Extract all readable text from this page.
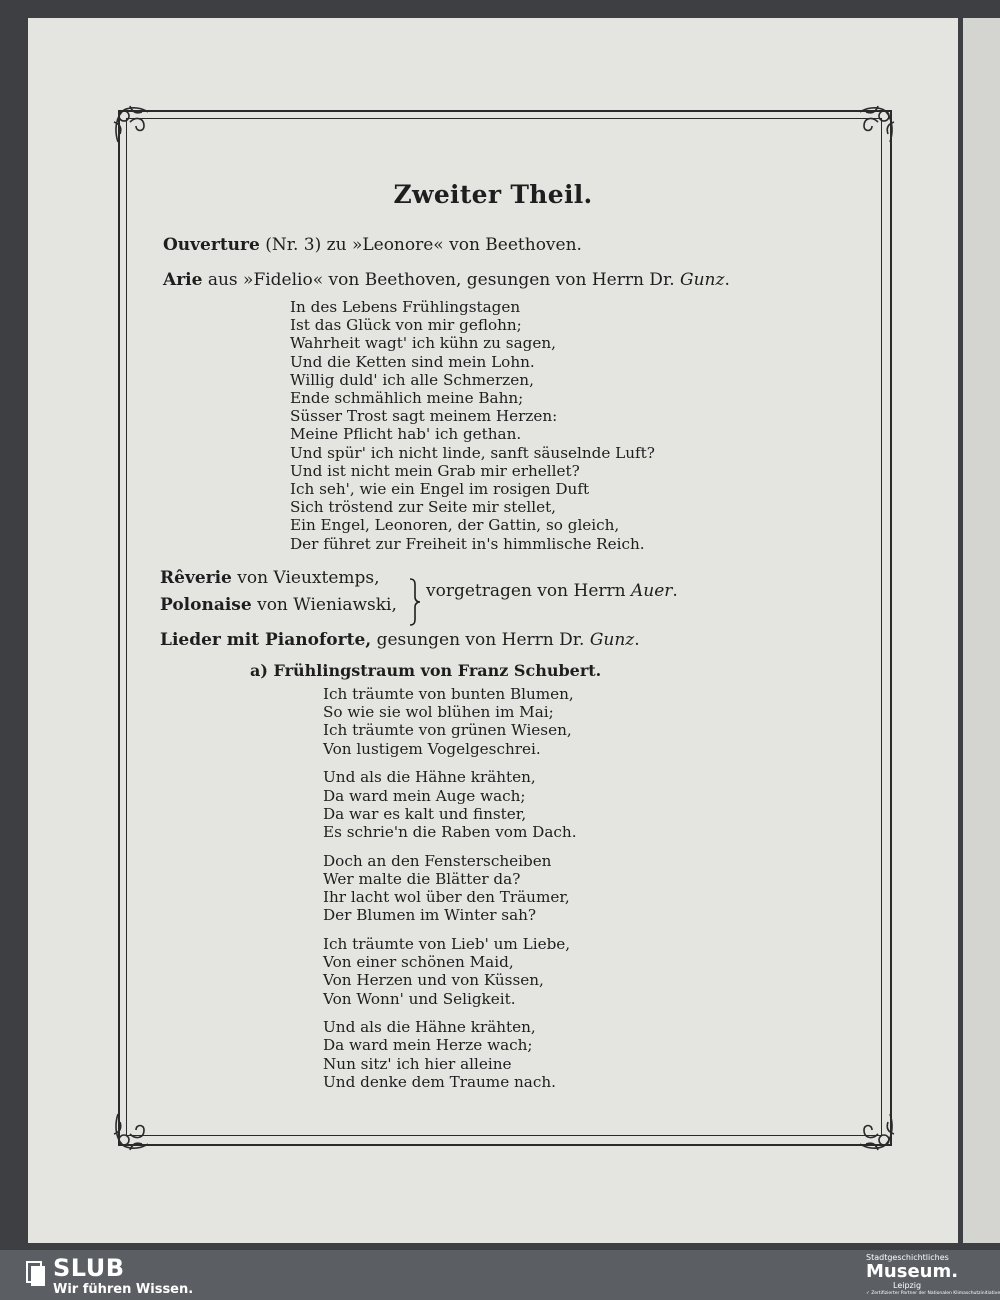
Zweiter Theil.
Ouverture (Nr. 3) zu »Leonore« von Beethoven.
Arie aus »Fidelio« von Beethoven, gesungen von Herrn Dr. Gunz.
In des Lebens Frühlingstagen
Ist das Glück von mir geflohn;
Wahrheit wagt' ich kühn zu sagen,
Und die Ketten sind mein Lohn.
Willig duld' ich alle Schmerzen,
Ende schmählich meine Bahn;
Süsser Trost sagt meinem Herzen:
Meine Pflicht hab' ich gethan.
Und spür' ich nicht linde, sanft säuselnde Luft?
Und ist nicht mein Grab mir erhellet?
Ich seh', wie ein Engel im rosigen Duft
Sich tröstend zur Seite mir stellet,
Ein Engel, Leonoren, der Gattin, so gleich,
Der führet zur Freiheit in's himmlische Reich.
Rêverie von Vieuxtemps,
Polonaise von Wieniawski,
vorgetragen von Herrn Auer.
Lieder mit Pianoforte, gesungen von Herrn Dr. Gunz.
a) Frühlingstraum von Franz Schubert.
Ich träumte von bunten Blumen,
So wie sie wol blühen im Mai;
Ich träumte von grünen Wiesen,
Von lustigem Vogelgeschrei.
Und als die Hähne krähten,
Da ward mein Auge wach;
Da war es kalt und finster,
Es schrie'n die Raben vom Dach.
Doch an den Fensterscheiben
Wer malte die Blätter da?
Ihr lacht wol über den Träumer,
Der Blumen im Winter sah?
Ich träumte von Lieb' um Liebe,
Von einer schönen Maid,
Von Herzen und von Küssen,
Von Wonn' und Seligkeit.
Und als die Hähne krähten,
Da ward mein Herze wach;
Nun sitz' ich hier alleine
Und denke dem Traume nach.
SLUB
Wir führen Wissen.
Stadtgeschichtliches
Museum.
Leipzig
✓ Zertifizierter Partner der Nationalen Klimaschutzinitiative
